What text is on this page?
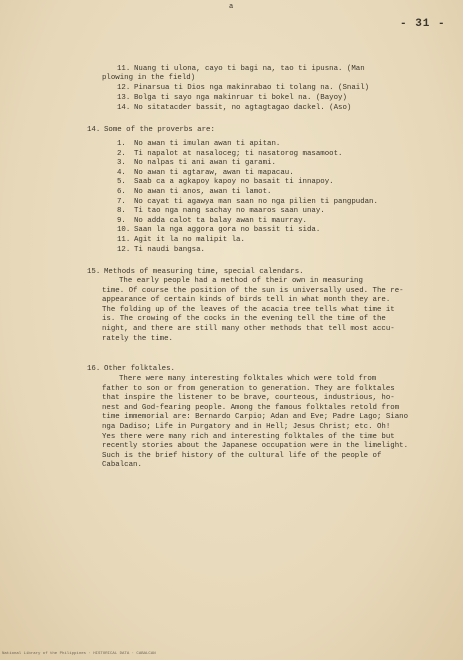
a
- 31 -
11. Nuang ti ulona, cayo ti bagi na, tao ti ipusna. (Man
plowing in the field)
12. Pinarsua ti Dios nga makinrabao ti tolang na. (Snail)
13. Bolga ti sayo nga makinruar ti bokel na. (Bayoy)
14. No sitatacder bassit, no agtagtagao dackel. (Aso)
14. Some of the proverbs are:
1. No awan ti imulan awan ti apitan.
2. Ti napalot at nasaloceg; ti nasatorog masamoot.
3. No nalpas ti ani awan ti garami.
4. No awan ti agtaraw, awan ti mapacau.
5. Saab ca a agkapoy kapoy no basait ti innapoy.
6. No awan ti anos, awan ti lamot.
7. No cayat ti agawya man saan no nga pilien ti pangpudan.
8. Ti tao nga nang sachay no maaros saan unay.
9. No adda calot ta balay awan ti maurray.
10. Saan la nga aggora gora no bassit ti sida.
11. Agit it la no malipit la.
12. Ti naudi bangsa.
15. Methods of measuring time, special calendars.
The early people had a method of their own in measuring
time. Of course the position of the sun is universally used. The re-
appearance of certain kinds of birds tell in what month they are.
The folding up of the leaves of the acacia tree tells what time it
is. The crowing of the cocks in the evening tell the time of the
night, and there are still many other methods that tell most accu-
rately the time.
16. Other folktales.
There were many interesting folktales which were told from
father to son or from generation to generation. They are folktales
that inspire the listener to be brave, courteous, industrious, ho-
nest and God-fearing people. Among the famous folktales retold from
time immemorial are: Bernardo Carpio; Adan and Eve; Padre Lago; Siano
nga Dadiso; Life in Purgatory and in Hell; Jesus Christ; etc. Oh!
Yes there were many rich and interesting folktales of the time but
recently stories about the Japanese occupation were in the limelight.
Such is the brief history of the cultural life of the people of
Cabalcan.
National Library of the Philippines · HISTORICAL DATA · CABALCAN
